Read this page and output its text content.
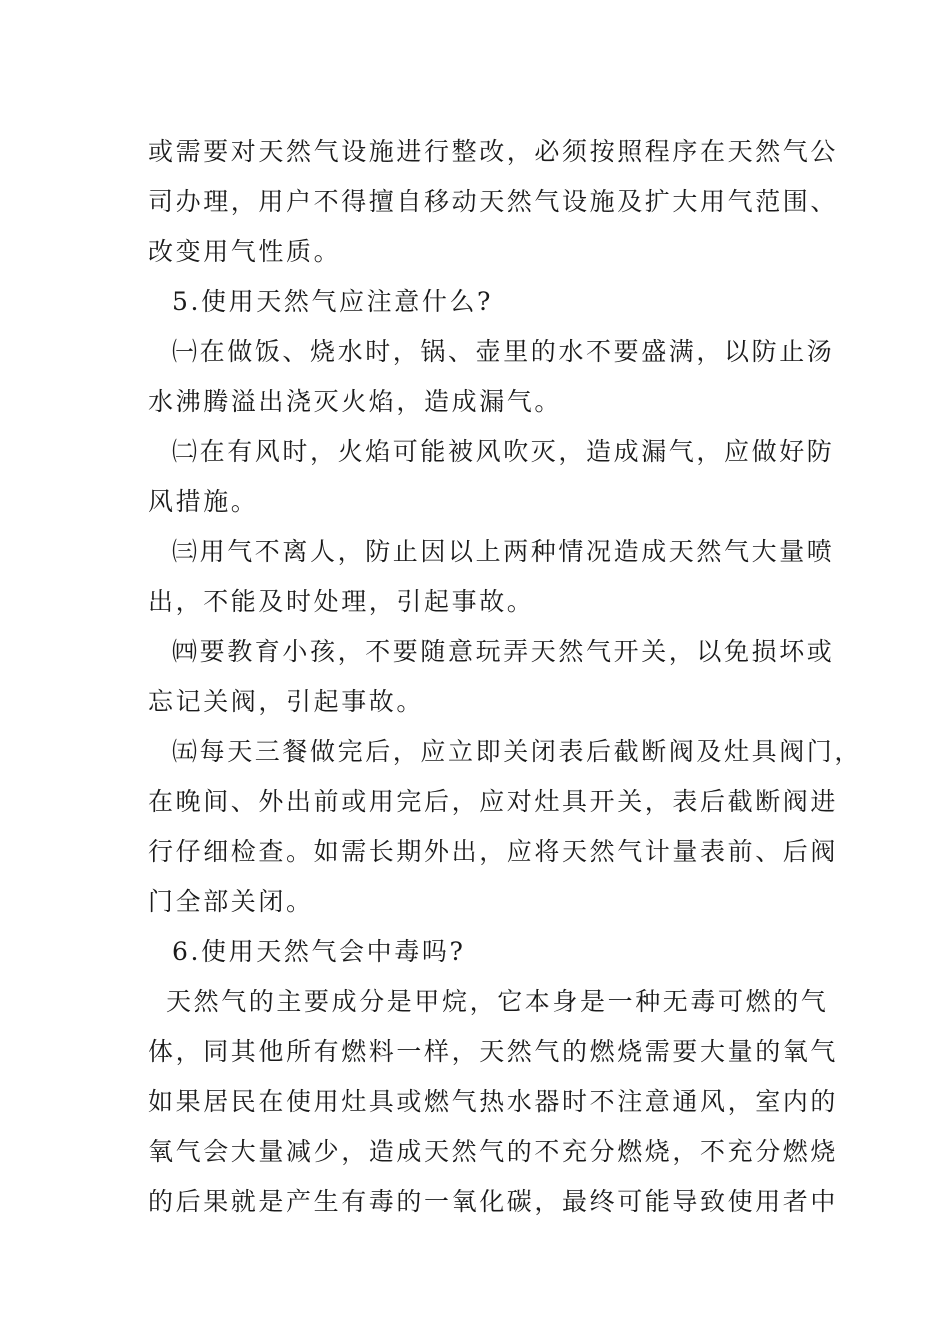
或需要对天然气设施进行整改，必须按照程序在天然气公
司办理，用户不得擅自移动天然气设施及扩大用气范围、
改变用气性质。
5.使用天然气应注意什么?
㈠在做饭、烧水时，锅、壶里的水不要盛满，以防止汤
水沸腾溢出浇灭火焰，造成漏气。
㈡在有风时，火焰可能被风吹灭，造成漏气，应做好防
风措施。
㈢用气不离人，防止因以上两种情况造成天然气大量喷
出，不能及时处理，引起事故。
㈣要教育小孩，不要随意玩弄天然气开关，以免损坏或
忘记关阀，引起事故。
㈤每天三餐做完后，应立即关闭表后截断阀及灶具阀门，
在晚间、外出前或用完后，应对灶具开关，表后截断阀进
行仔细检查。如需长期外出，应将天然气计量表前、后阀
门全部关闭。
6.使用天然气会中毒吗?
天然气的主要成分是甲烷，它本身是一种无毒可燃的气
体，同其他所有燃料一样，天然气的燃烧需要大量的氧气
如果居民在使用灶具或燃气热水器时不注意通风，室内的
氧气会大量减少，造成天然气的不充分燃烧，不充分燃烧
的后果就是产生有毒的一氧化碳，最终可能导致使用者中
